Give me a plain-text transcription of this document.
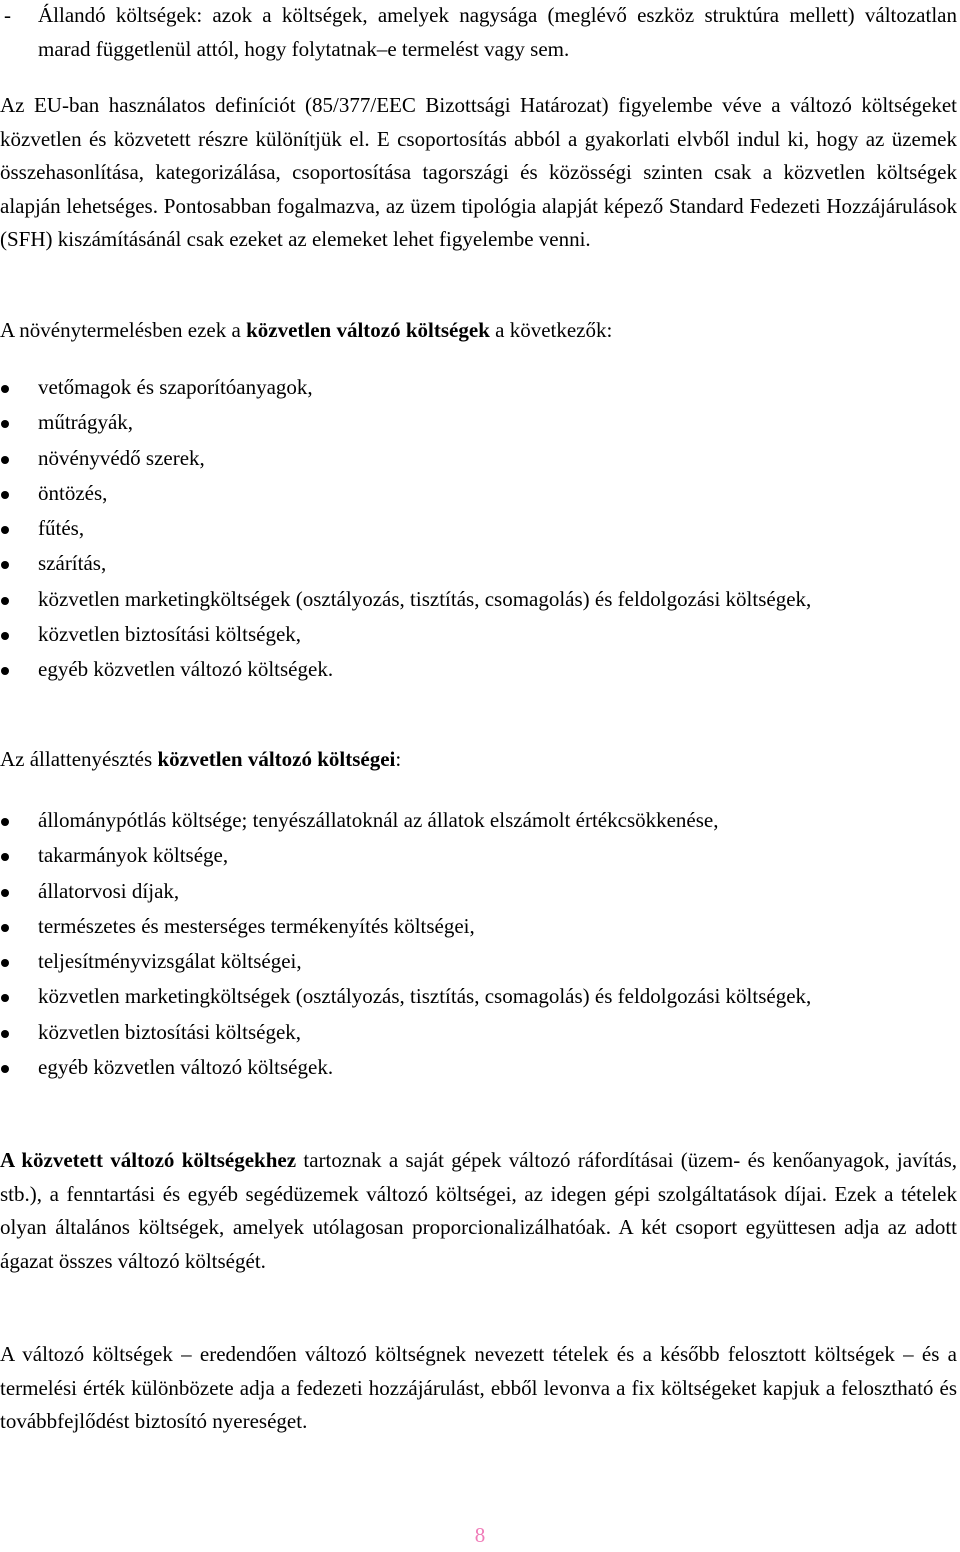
- Állandó költségek: azok a költségek, amelyek nagysága (meglévő eszköz struktúra mellett) változatlan marad függetlenül attól, hogy folytatnak–e termelést vagy sem.

Az EU-ban használatos definíciót (85/377/EEC Bizottsági Határozat) figyelembe véve a változó költségeket közvetlen és közvetett részre különítjük el. E csoportosítás abból a gyakorlati elvből indul ki, hogy az üzemek összehasonlítása, kategorizálása, csoportosítása tagországi és közösségi szinten csak a közvetlen költségek alapján lehetséges. Pontosabban fogalmazva, az üzem tipológia alapját képező Standard Fedezeti Hozzájárulások (SFH) kiszámításánál csak ezeket az elemeket lehet figyelembe venni.

A növénytermelésben ezek a közvetlen változó költségek a következők:

vetőmagok és szaporítóanyagok,
műtrágyák,
növényvédő szerek,
öntözés,
fűtés,
szárítás,
közvetlen marketingköltségek (osztályozás, tisztítás, csomagolás) és feldolgozási költségek,
közvetlen biztosítási költségek,
egyéb közvetlen változó költségek.

Az állattenyésztés közvetlen változó költségei:

állománypótlás költsége; tenyészállatoknál az állatok elszámolt értékcsökkenése,
takarmányok költsége,
állatorvosi díjak,
természetes és mesterséges termékenyítés költségei,
teljesítményvizsgálat költségei,
közvetlen marketingköltségek (osztályozás, tisztítás, csomagolás) és feldolgozási költségek,
közvetlen biztosítási költségek,
egyéb közvetlen változó költségek.

A közvetett változó költségekhez tartoznak a saját gépek változó ráfordításai (üzem- és kenőanyagok, javítás, stb.), a fenntartási és egyéb segédüzemek változó költségei, az idegen gépi szolgáltatások díjai. Ezek a tételek olyan általános költségek, amelyek utólagosan proporcionalizálhatóak. A két csoport együttesen adja az adott ágazat összes változó költségét.

A változó költségek – eredendően változó költségnek nevezett tételek és a később felosztott költségek – és a termelési érték különbözete adja a fedezeti hozzájárulást, ebből levonva a fix költségeket kapjuk a felosztható és továbbfejlődést biztosító nyereséget.

8
